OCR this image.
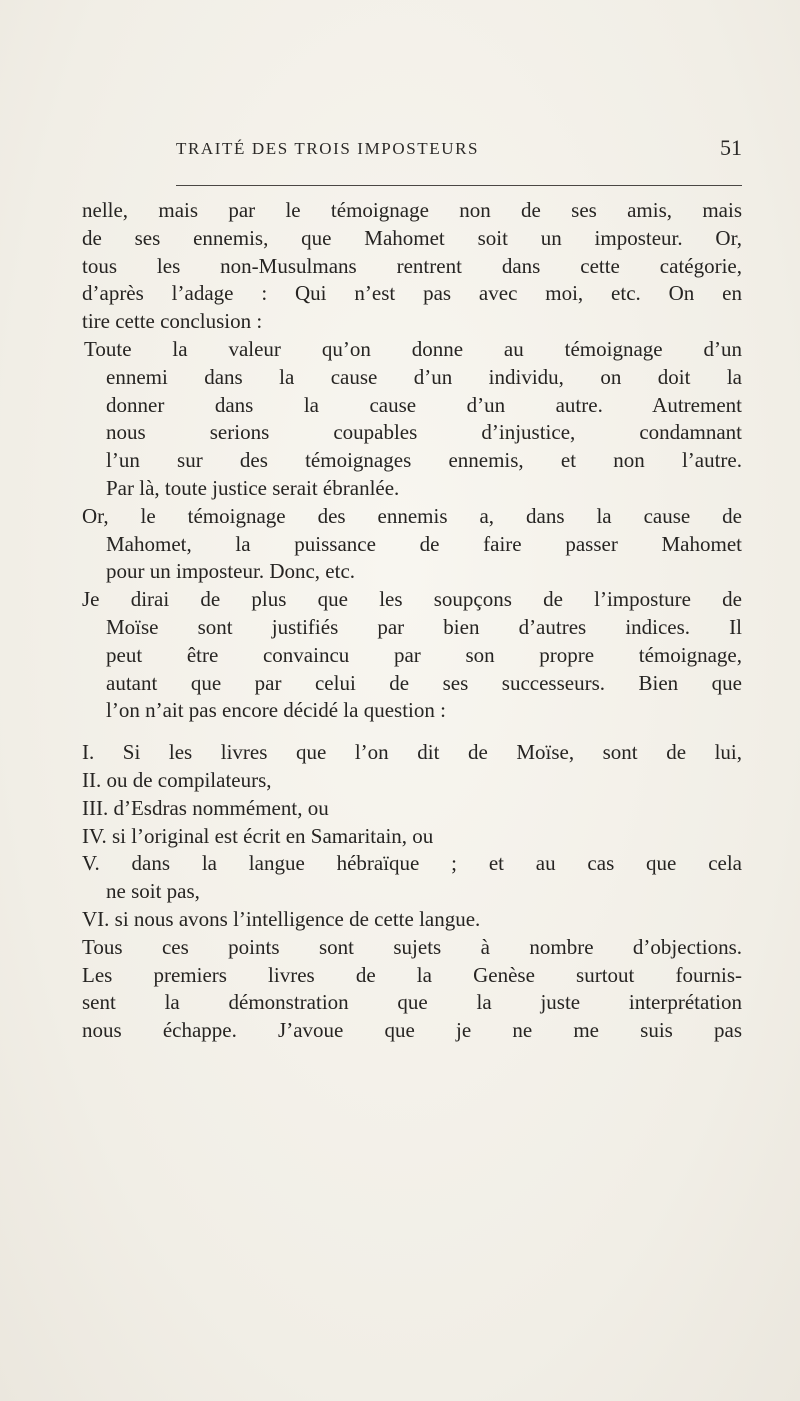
TRAITÉ DES TROIS IMPOSTEURS	51
nelle, mais par le témoignage non de ses amis, mais
de ses ennemis, que Mahomet soit un imposteur. Or,
tous les non-Musulmans rentrent dans cette catégorie,
d’après l’adage : Qui n’est pas avec moi, etc. On en
tire cette conclusion :
Toute la valeur qu’on donne au témoignage d’un
ennemi dans la cause d’un individu, on doit la
donner dans la cause d’un autre. Autrement
nous serions coupables d’injustice, condamnant
l’un sur des témoignages ennemis, et non l’autre.
Par là, toute justice serait ébranlée.
Or, le témoignage des ennemis a, dans la cause de
Mahomet, la puissance de faire passer Mahomet
pour un imposteur. Donc, etc.
Je dirai de plus que les soupçons de l’imposture de
Moïse sont justifiés par bien d’autres indices. Il
peut être convaincu par son propre témoignage,
autant que par celui de ses successeurs. Bien que
l’on n’ait pas encore décidé la question :
I. Si les livres que l’on dit de Moïse, sont de lui,
II. ou de compilateurs,
III. d’Esdras nommément, ou
IV. si l’original est écrit en Samaritain, ou
V. dans la langue hébraïque ; et au cas que cela
ne soit pas,
VI. si nous avons l’intelligence de cette langue.
Tous ces points sont sujets à nombre d’objections.
Les premiers livres de la Genèse surtout fournis-
sent la démonstration que la juste interprétation
nous échappe. J’avoue que je ne me suis pas
